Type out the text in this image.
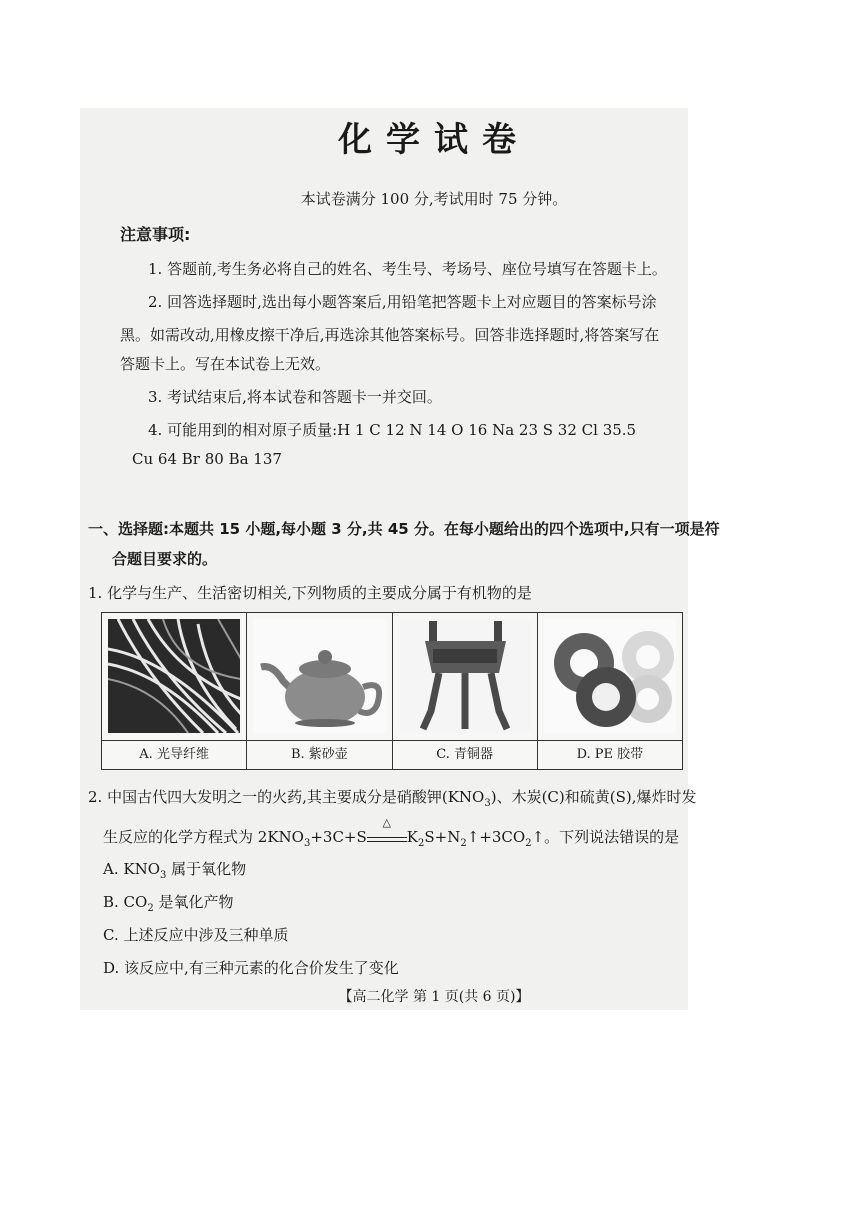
化学试卷
本试卷满分 100 分,考试用时 75 分钟。
注意事项:
1. 答题前,考生务必将自己的姓名、考生号、考场号、座位号填写在答题卡上。
2. 回答选择题时,选出每小题答案后,用铅笔把答题卡上对应题目的答案标号涂
黑。如需改动,用橡皮擦干净后,再选涂其他答案标号。回答非选择题时,将答案写在
答题卡上。写在本试卷上无效。
3. 考试结束后,将本试卷和答题卡一并交回。
4. 可能用到的相对原子质量:H 1 C 12 N 14 O 16 Na 23 S 32 Cl 35.5
Cu 64 Br 80 Ba 137
一、选择题:本题共 15 小题,每小题 3 分,共 45 分。在每小题给出的四个选项中,只有一项是符
合题目要求的。
1. 化学与生产、生活密切相关,下列物质的主要成分属于有机物的是
A. 光导纤维	B. 紫砂壶	C. 青铜器	D. PE 胶带
2. 中国古代四大发明之一的火药,其主要成分是硝酸钾$(KNO_3)$、木炭(C)和硫黄(S),爆炸时发
生反应的化学方程式为 $2KNO_3+3C+S$
△
$K_2S+N_2↑+3CO_2↑$。下列说法错误的是
A. $KNO_3$ 属于氧化物
B. $CO_2$ 是氧化产物
C. 上述反应中涉及三种单质
D. 该反应中,有三种元素的化合价发生了变化
【高二化学 第 1 页(共 6 页)】
